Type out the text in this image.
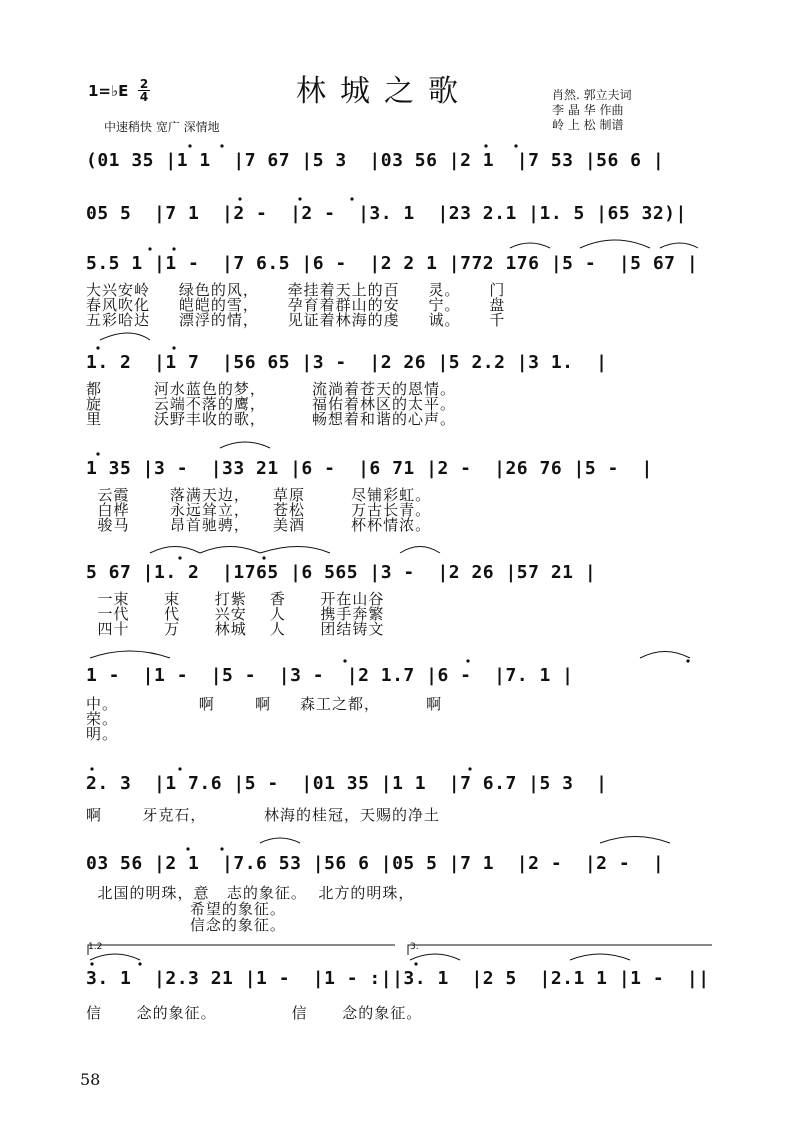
1=♭E 2
4	林城之歌
中速稍快 宽广 深情地
肖然. 郭立夫词
李 晶 华 作曲
岭 上 松 制谱
(01 35 |1 1  |7 67 |5 3  |03 56 |2 1  |7 53 |56 6 |
05 5  |7 1  |2 -  |2 -  |3. 1  |23 2.1 |1. 5 |65 32)|
5.5 1 |1 -  |7 6.5 |6 -  |2 2 1 |772 176 |5 -  |5 67 |
大兴安岭     绿色的风，     牵挂着天上的百     灵。     门
春风吹化     皑皑的雪，     孕育着群山的安     宁。     盘
五彩哈达     漂浮的情，     见证着林海的虔     诚。     千
1. 2  |1 7  |56 65 |3 -  |2 26 |5 2.2 |3 1.  |
都         河水蓝色的梦，        流淌着苍天的恩情。
旋         云端不落的鹰，        福佑着林区的太平。
里         沃野丰收的歌，        畅想着和谐的心声。
1 35 |3 -  |33 21 |6 -  |6 71 |2 -  |26 76 |5 -  |
云霞       落满天边，    草原        尽铺彩虹。
白桦       永远耸立，    苍松        万古长青。
骏马       昂首驰骋，    美酒        杯杯情浓。
5 67 |1. 2  |1765 |6 565 |3 -  |2 26 |57 21 |
一束      束      打紫    香      开在山谷
一代      代      兴安    人      携手奔繁
四十      万      林城    人      团结铸文
1 -  |1 -  |5 -  |3 -  |2 1.7 |6 -  |7. 1 |
中。              啊       啊     森工之都，        啊
荣。
明。
2. 3  |1 7.6 |5 -  |01 35 |1 1  |7 6.7 |5 3  |
啊       牙克石，          林海的桂冠，天赐的净土
03 56 |2 1  |7.6 53 |56 6 |05 5 |7 1  |2 -  |2 -  |
北国的明珠，意   志的象征。  北方的明珠，
希望的象征。
信念的象征。
1.2	3.
3. 1  |2.3 21 |1 -  |1 - :||3. 1  |2 5  |2.1 1 |1 -  ||
信      念的象征。             信      念的象征。
58
